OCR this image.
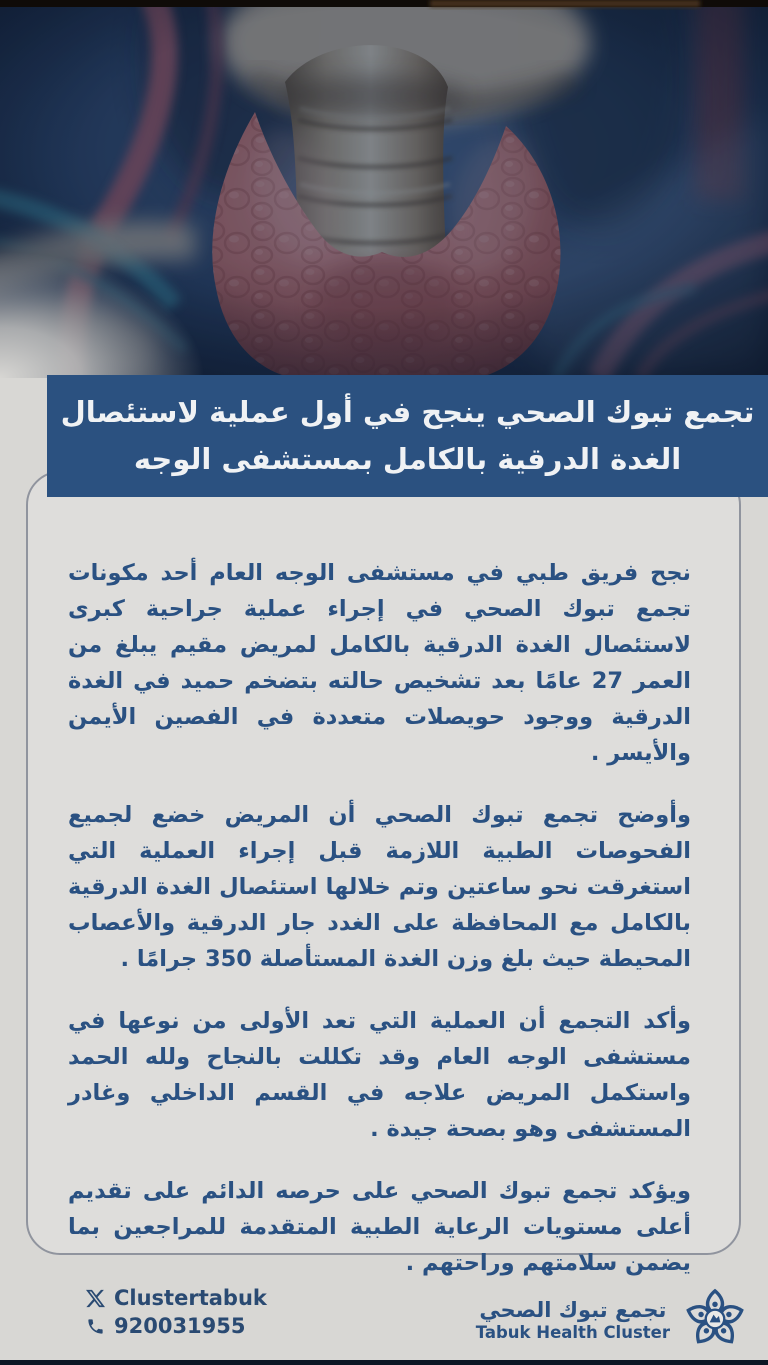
تجمع تبوك الصحي ينجح في أول عملية لاستئصال
الغدة الدرقية بالكامل بمستشفى الوجه

نجح فريق طبي في مستشفى الوجه العام أحد مكونات تجمع تبوك الصحي في إجراء عملية جراحية كبرى لاستئصال الغدة الدرقية بالكامل لمريض مقيم يبلغ من العمر 27 عامًا بعد تشخيص حالته بتضخم حميد في الغدة الدرقية ووجود حويصلات متعددة في الفصين الأيمن والأيسر .

وأوضح تجمع تبوك الصحي أن المريض خضع لجميع الفحوصات الطبية اللازمة قبل إجراء العملية التي استغرقت نحو ساعتين وتم خلالها استئصال الغدة الدرقية بالكامل مع المحافظة على الغدد جار الدرقية والأعصاب المحيطة حيث بلغ وزن الغدة المستأصلة 350 جرامًا .

وأكد التجمع أن العملية التي تعد الأولى من نوعها في مستشفى الوجه العام وقد تكللت بالنجاح ولله الحمد واستكمل المريض علاجه في القسم الداخلي وغادر المستشفى وهو بصحة جيدة .

ويؤكد تجمع تبوك الصحي على حرصه الدائم على تقديم أعلى مستويات الرعاية الطبية المتقدمة للمراجعين بما يضمن سلامتهم وراحتهم .

Clustertabuk
920031955
تجمع تبوك الصحي
Tabuk Health Cluster
